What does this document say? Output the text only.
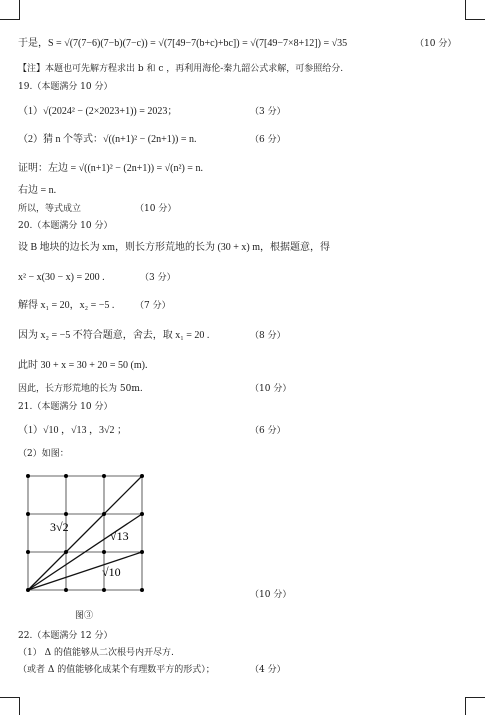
于是，S = √(7(7−6)(7−b)(7−c)) = √(7[49−7(b+c)+bc]) = √(7[49−7×8+12]) = √35	（10 分）
【注】本题也可先解方程求出 b 和 c ，再利用海伦-秦九韶公式求解，可参照给分.
19.（本题满分 10 分）
（1）√(2024² − (2×2023+1)) = 2023；	（3 分）
（2）猜 n 个等式：√((n+1)² − (2n+1)) = n.	（6 分）
证明：左边 = √((n+1)² − (2n+1)) = √(n²) = n.
右边 = n.
所以，等式成立	（10 分）
20.（本题满分 10 分）
设 B 地块的边长为 xm，则长方形荒地的长为 (30 + x) m，根据题意，得
x² − x(30 − x) = 200 .	（3 分）
解得 x₁ = 20，x₂ = −5 . （7 分）
因为 x₂ = −5 不符合题意，舍去，取 x₁ = 20 .	（8 分）
此时 30 + x = 30 + 20 = 50 (m).
因此，长方形荒地的长为 50m.	（10 分）
21.（本题满分 10 分）
（1）√10 ，√13 ，3√2 ；	（6 分）
（2）如图：
3√2
√13
√10
图③
（10 分）
22.（本题满分 12 分）
（1） Δ 的值能够从二次根号内开尽方.
（或者 Δ 的值能够化成某个有理数平方的形式）；	（4 分）
